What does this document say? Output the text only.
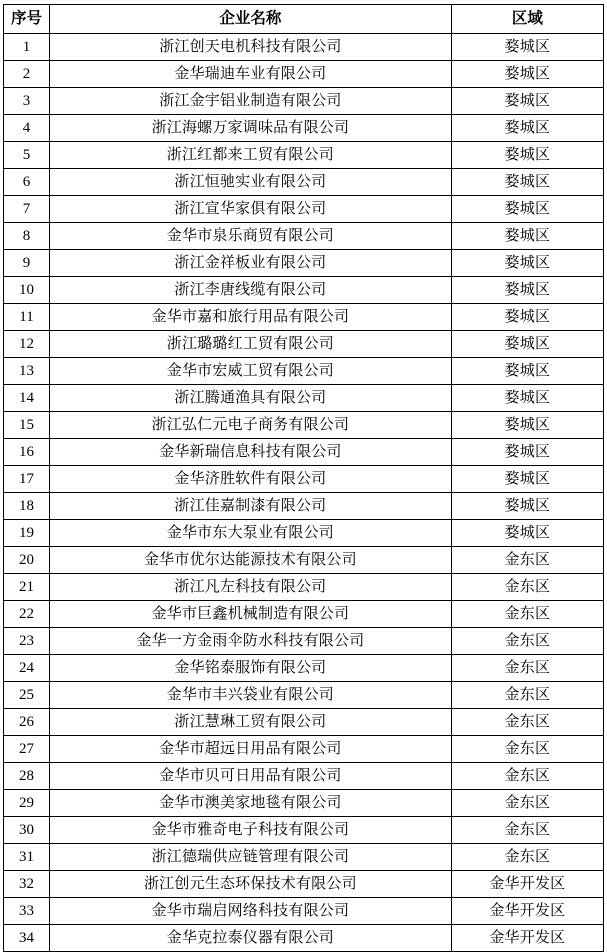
序号	企业名称	区域
1	浙江创天电机科技有限公司	婺城区
2	金华瑞迪车业有限公司	婺城区
3	浙江金宇铝业制造有限公司	婺城区
4	浙江海螺万家调味品有限公司	婺城区
5	浙江红都来工贸有限公司	婺城区
6	浙江恒驰实业有限公司	婺城区
7	浙江宣华家俱有限公司	婺城区
8	金华市泉乐商贸有限公司	婺城区
9	浙江金祥板业有限公司	婺城区
10	浙江李唐线缆有限公司	婺城区
11	金华市嘉和旅行用品有限公司	婺城区
12	浙江璐璐红工贸有限公司	婺城区
13	金华市宏威工贸有限公司	婺城区
14	浙江腾通渔具有限公司	婺城区
15	浙江弘仁元电子商务有限公司	婺城区
16	金华新瑞信息科技有限公司	婺城区
17	金华济胜软件有限公司	婺城区
18	浙江佳嘉制漆有限公司	婺城区
19	金华市东大泵业有限公司	婺城区
20	金华市优尔达能源技术有限公司	金东区
21	浙江凡左科技有限公司	金东区
22	金华市巨鑫机械制造有限公司	金东区
23	金华一方金雨伞防水科技有限公司	金东区
24	金华铭泰服饰有限公司	金东区
25	金华市丰兴袋业有限公司	金东区
26	浙江慧琳工贸有限公司	金东区
27	金华市超远日用品有限公司	金东区
28	金华市贝可日用品有限公司	金东区
29	金华市澳美家地毯有限公司	金东区
30	金华市雅奇电子科技有限公司	金东区
31	浙江德瑞供应链管理有限公司	金东区
32	浙江创元生态环保技术有限公司	金华开发区
33	金华市瑞启网络科技有限公司	金华开发区
34	金华克拉泰仪器有限公司	金华开发区
